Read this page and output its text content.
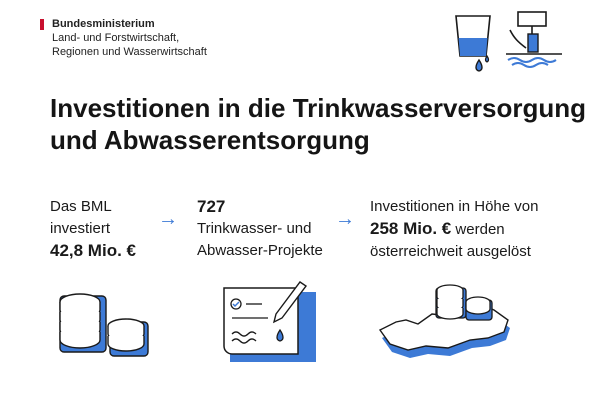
Bundesministerium
Land- und Forstwirtschaft,
Regionen und Wasserwirtschaft
Investitionen in die Trinkwasserversorgung
und Abwasserentsorgung
Das BML
investiert
42,8 Mio. €
→
727
Trinkwasser- und
Abwasser-Projekte
→
Investitionen in Höhe von
258 Mio. € werden
österreichweit ausgelöst
